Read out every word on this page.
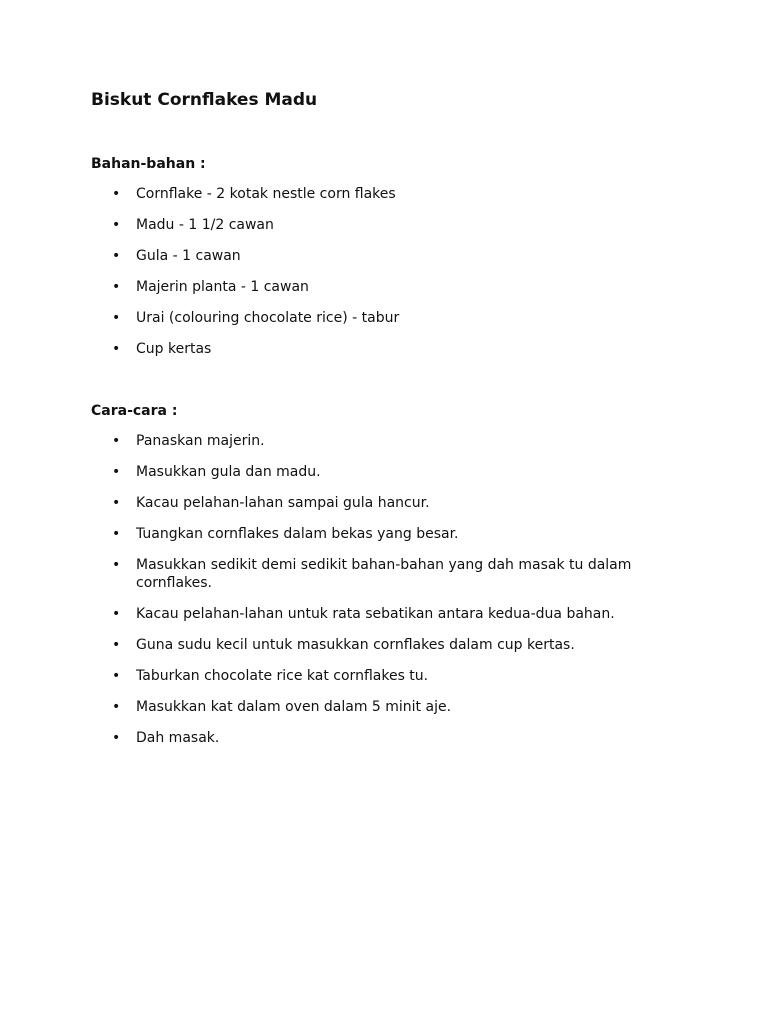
Biskut Cornflakes Madu
Bahan-bahan :
• Cornflake - 2 kotak nestle corn flakes
• Madu - 1 1/2 cawan
• Gula - 1 cawan
• Majerin planta - 1 cawan
• Urai (colouring chocolate rice) - tabur
• Cup kertas
Cara-cara :
• Panaskan majerin.
• Masukkan gula dan madu.
• Kacau pelahan-lahan sampai gula hancur.
• Tuangkan cornflakes dalam bekas yang besar.
• Masukkan sedikit demi sedikit bahan-bahan yang dah masak tu dalam cornflakes.
• Kacau pelahan-lahan untuk rata sebatikan antara kedua-dua bahan.
• Guna sudu kecil untuk masukkan cornflakes dalam cup kertas.
• Taburkan chocolate rice kat cornflakes tu.
• Masukkan kat dalam oven dalam 5 minit aje.
• Dah masak.
